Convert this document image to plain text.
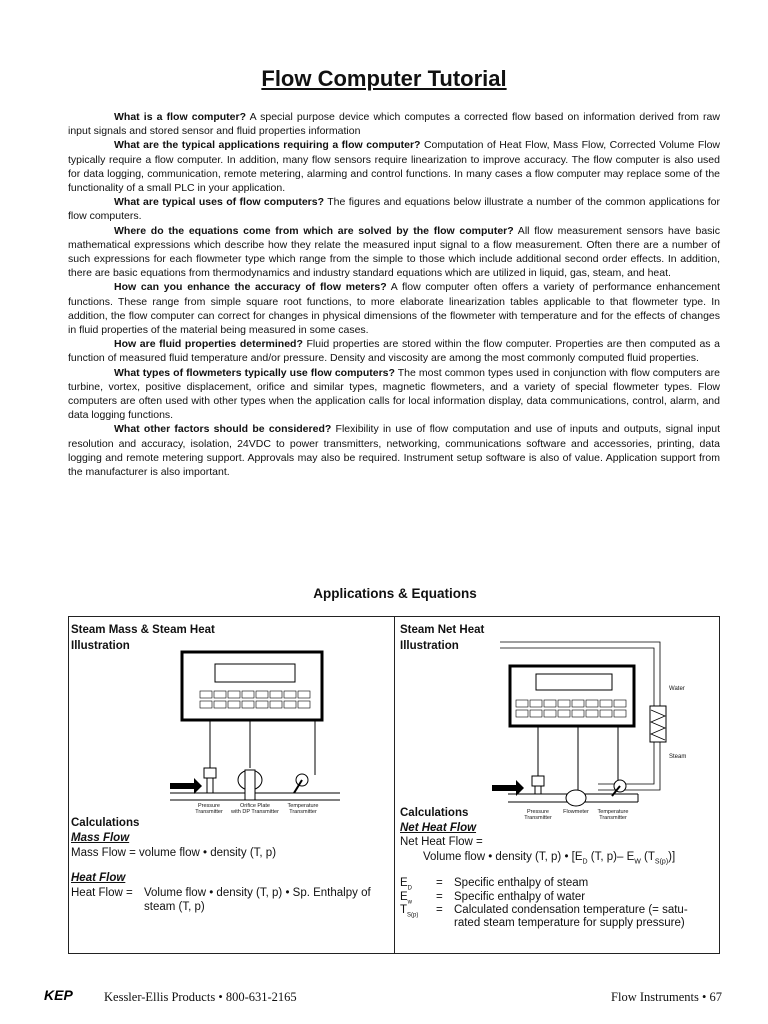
Flow Computer Tutorial

What is a flow computer? A special purpose device which computes a corrected flow based on information derived from raw input signals and stored sensor and fluid properties information

What are the typical applications requiring a flow computer? Computation of Heat Flow, Mass Flow, Corrected Volume Flow typically require a flow computer. In addition, many flow sensors require linearization to improve accuracy. The flow computer is also used for data logging, communication, remote metering, alarming and control functions. In many cases a flow computer may replace some of the functionality of a small PLC in your application.

What are typical uses of flow computers? The figures and equations below illustrate a number of the common applications for flow computers.

Where do the equations come from which are solved by the flow computer? All flow measurement sensors have basic mathematical expressions which describe how they relate the measured input signal to a flow measurement. Often there are a number of such expressions for each flowmeter type which range from the simple to those which include additional second order effects. In addition, there are basic equations from thermodynamics and industry standard equations which are utilized in liquid, gas, steam, and heat.

How can you enhance the accuracy of flow meters? A flow computer often offers a variety of performance enhancement functions. These range from simple square root functions, to more elaborate linearization tables applicable to that flowmeter type. In addition, the flow computer can correct for changes in physical dimensions of the flowmeter with temperature and for the effects of changes in fluid properties of the material being measured in some cases.

How are fluid properties determined? Fluid properties are stored within the flow computer. Properties are then computed as a function of measured fluid temperature and/or pressure. Density and viscosity are among the most commonly computed fluid properties.

What types of flowmeters typically use flow computers? The most common types used in conjunction with flow computers are turbine, vortex, positive displacement, orifice and similar types, magnetic flowmeters, and a variety of special flowmeter types. Flow computers are often used with other types when the application calls for local information display, data communications, control, alarm, and data logging functions.

What other factors should be considered? Flexibility in use of flow computation and use of inputs and outputs, signal input resolution and accuracy, isolation, 24VDC to power transmitters, networking, communications software and accessories, printing, data logging and remote metering support. Approvals may also be required. Instrument setup software is also of value. Application support from the manufacturer is also important.

Applications & Equations
Steam Mass & Steam Heat
Illustration
Pressure
Transmitter
Orifice Plate
with DP Transmitter
Temperature
Transmitter
Calculations
Mass Flow
Mass Flow = volume flow • density (T, p)
Heat Flow
Heat Flow = Volume flow • density (T, p) • Sp. Enthalpy of
steam (T, p)
Steam Net Heat
Illustration
Water
Steam
Pressure
Transmitter
Flowmeter	Temperature
Transmitter
Calculations
Net Heat Flow
Net Heat Flow =
Volume flow • density (T, p) • [$E_D$ (T, p)– $E_W$ $(T_{S(p)})$]
$E_D$ = Specific enthalpy of steam
$E_w$ = Specific enthalpy of water
$T_{S(p)}$ = Calculated condensation temperature (= satu-
rated steam temperature for supply pressure)
KEP Kessler-Ellis Products • 800-631-2165	Flow Instruments • 67
